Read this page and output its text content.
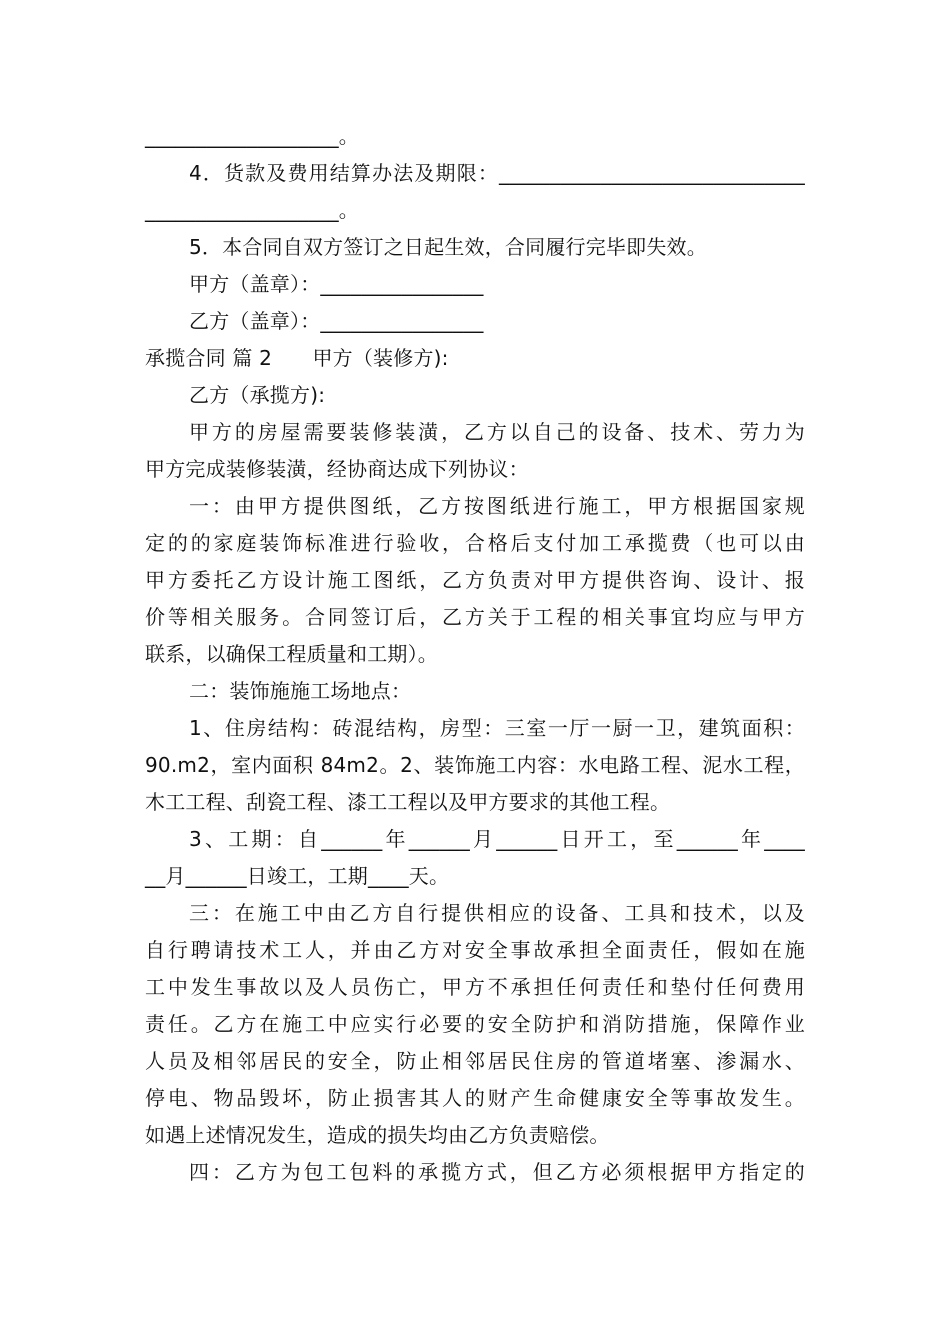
___________________。
4．货款及费用结算办法及期限：______________________________
___________________。
5．本合同自双方签订之日起生效，合同履行完毕即失效。
甲方（盖章）：________________
乙方（盖章）：________________
承揽合同 篇 2　　甲方（装修方):
乙方（承揽方):
甲方的房屋需要装修装潢，乙方以自己的设备、技术、劳力为
甲方完成装修装潢，经协商达成下列协议：
一：由甲方提供图纸，乙方按图纸进行施工，甲方根据国家规
定的的家庭装饰标准进行验收，合格后支付加工承揽费（也可以由
甲方委托乙方设计施工图纸，乙方负责对甲方提供咨询、设计、报
价等相关服务。合同签订后，乙方关于工程的相关事宜均应与甲方
联系，以确保工程质量和工期）。
二：装饰施施工场地点：
1、住房结构：砖混结构，房型：三室一厅一厨一卫，建筑面积：
90.m2，室内面积 84m2。2、装饰施工内容：水电路工程、泥水工程，
木工工程、刮瓷工程、漆工工程以及甲方要求的其他工程。
3、工期：自______年______月______日开工，至______年____
__月______日竣工，工期____天。
三：在施工中由乙方自行提供相应的设备、工具和技术，以及
自行聘请技术工人，并由乙方对安全事故承担全面责任，假如在施
工中发生事故以及人员伤亡，甲方不承担任何责任和垫付任何费用
责任。乙方在施工中应实行必要的安全防护和消防措施，保障作业
人员及相邻居民的安全，防止相邻居民住房的管道堵塞、渗漏水、
停电、物品毁坏，防止损害其人的财产生命健康安全等事故发生。
如遇上述情况发生，造成的损失均由乙方负责赔偿。
四：乙方为包工包料的承揽方式，但乙方必须根据甲方指定的
